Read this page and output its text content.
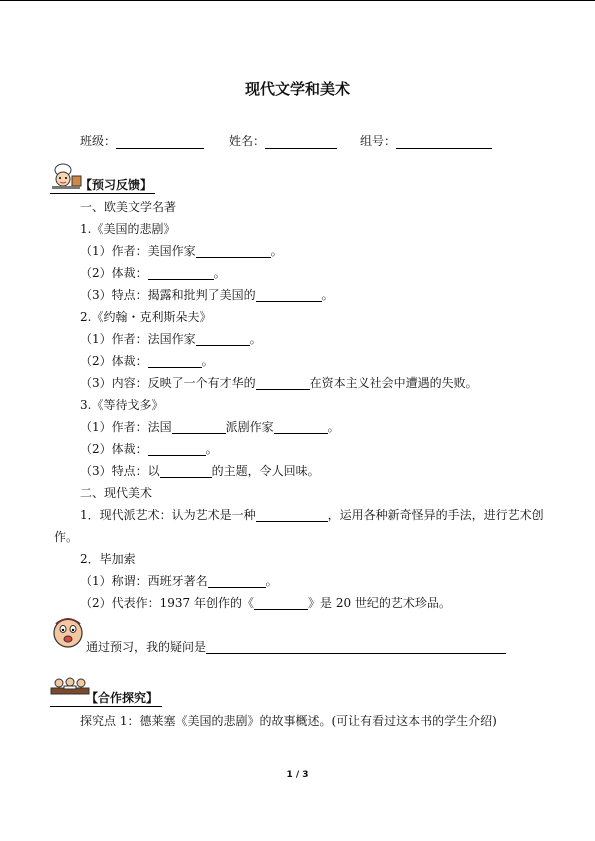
现代文学和美术
班级：	姓名：	组号：
【预习反馈】
一、欧美文学名著
1.《美国的悲剧》
（1）作者：美国作家	。
（2）体裁：	。
（3）特点：揭露和批判了美国的	。
2.《约翰・克利斯朵夫》
（1）作者：法国作家	。
（2）体裁：	。
（3）内容：反映了一个有才华的	在资本主义社会中遭遇的失败。
3.《等待戈多》
（1）作者：法国	派剧作家	。
（2）体裁：	。
（3）特点：以	的主题，令人回味。
二、现代美术
1．现代派艺术：认为艺术是一种	，运用各种新奇怪异的手法，进行艺术创
作。
2．毕加索
（1）称谓：西班牙著名	。
（2）代表作：1937 年创作的《	》是 20 世纪的艺术珍品。
通过预习，我的疑问是
【合作探究】
探究点 1：德莱塞《美国的悲剧》的故事概述。(可让有看过这本书的学生介绍)
1 / 3
